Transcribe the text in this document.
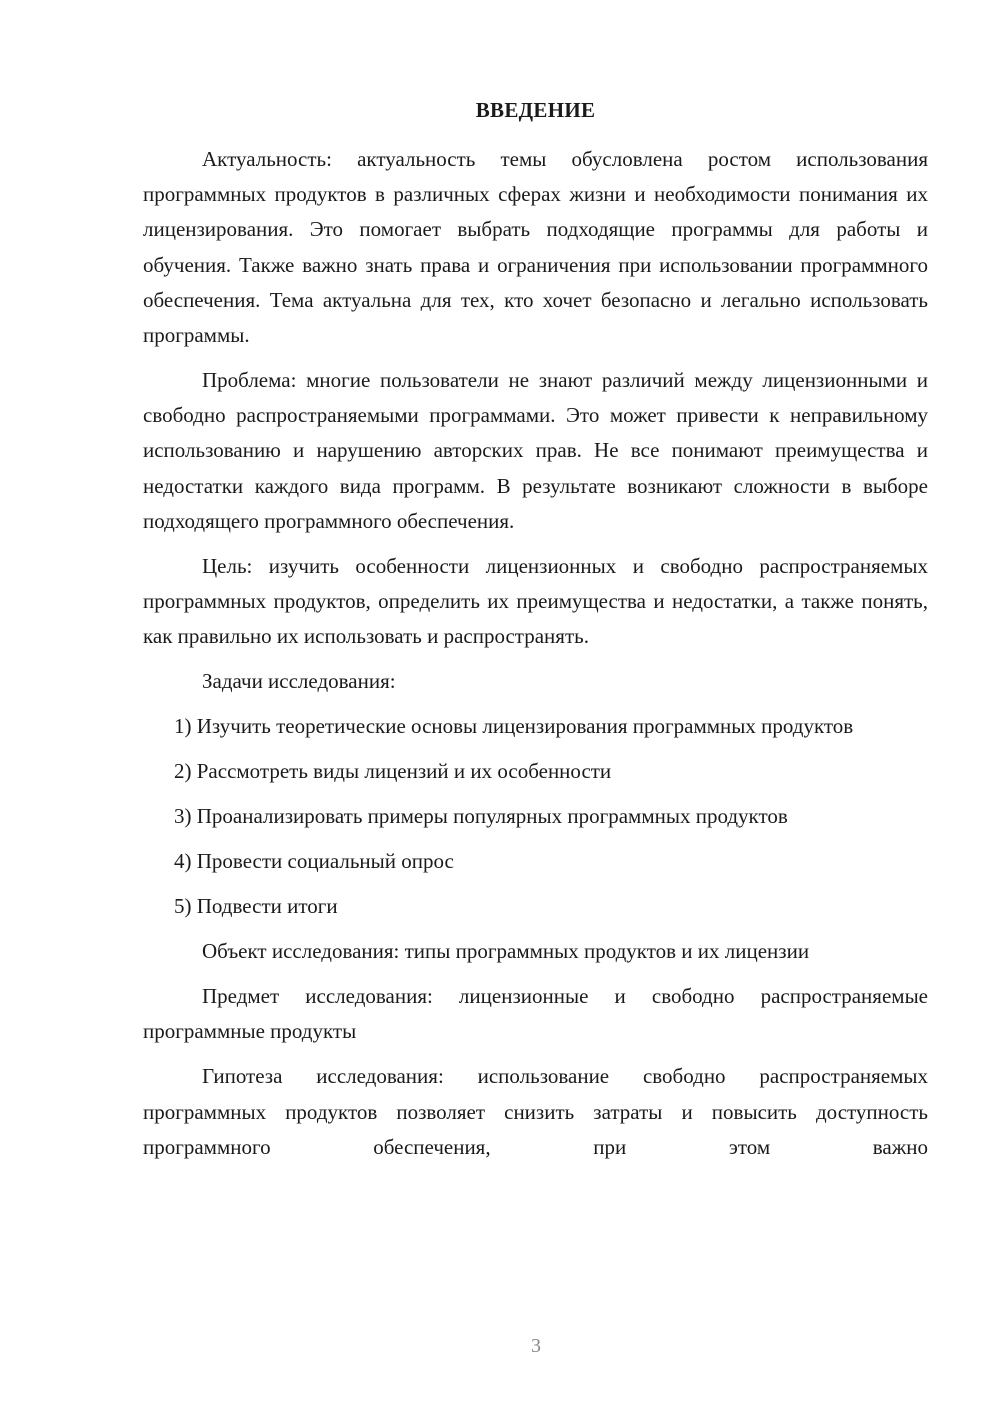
ВВЕДЕНИЕ

Актуальность: актуальность темы обусловлена ростом использования программных продуктов в различных сферах жизни и необходимости понимания их лицензирования. Это помогает выбрать подходящие программы для работы и обучения. Также важно знать права и ограничения при использовании программного обеспечения. Тема актуальна для тех, кто хочет безопасно и легально использовать программы.

Проблема: многие пользователи не знают различий между лицензионными и свободно распространяемыми программами. Это может привести к неправильному использованию и нарушению авторских прав. Не все понимают преимущества и недостатки каждого вида программ. В результате возникают сложности в выборе подходящего программного обеспечения.

Цель: изучить особенности лицензионных и свободно распространяемых программных продуктов, определить их преимущества и недостатки, а также понять, как правильно их использовать и распространять.

Задачи исследования:

1) Изучить теоретические основы лицензирования программных продуктов

2) Рассмотреть виды лицензий и их особенности

3) Проанализировать примеры популярных программных продуктов

4) Провести социальный опрос

5) Подвести итоги

Объект исследования: типы программных продуктов и их лицензии

Предмет исследования: лицензионные и свободно распространяемые программные продукты

Гипотеза исследования: использование свободно распространяемых программных продуктов позволяет снизить затраты и повысить доступность программного обеспечения, при этом важно

3
